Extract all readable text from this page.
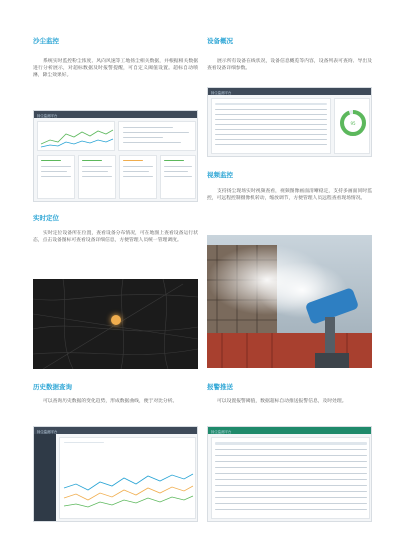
沙尘监控
系统实时监控粉尘浓度、风向风速等工地扬尘相关数据，并根据相关数据进行分析展示，对超标数据及时报警提醒，可自定义阈值设置。超标自动喷淋，降尘效果好。
扬尘监测平台
设备概况
展示所有设备在线状况，设备信息概览等内容，设备列表可查询、导出及查看设备详细参数。
扬尘监测平台
95
视频监控
支持扬尘现场实时视频查看，视频图像画面清晰稳定，支持多画面同时监控，可远程控制摄像机转动，缩放调节，方便管理人员远程查看现场情况。
实时定位
实时定位设备所在位置，查看设备分布情况，可在地图上查看设备运行状态，点击设备图标可查看设备详细信息，方便管理人员统一管理调度。
历史数据查询
可以查询历史数据的变化趋势，形成数据曲线，便于对比分析。
扬尘监测平台
报警推送
可以设置报警阈值，数据超标自动推送报警信息，及时处理。
扬尘监测平台
